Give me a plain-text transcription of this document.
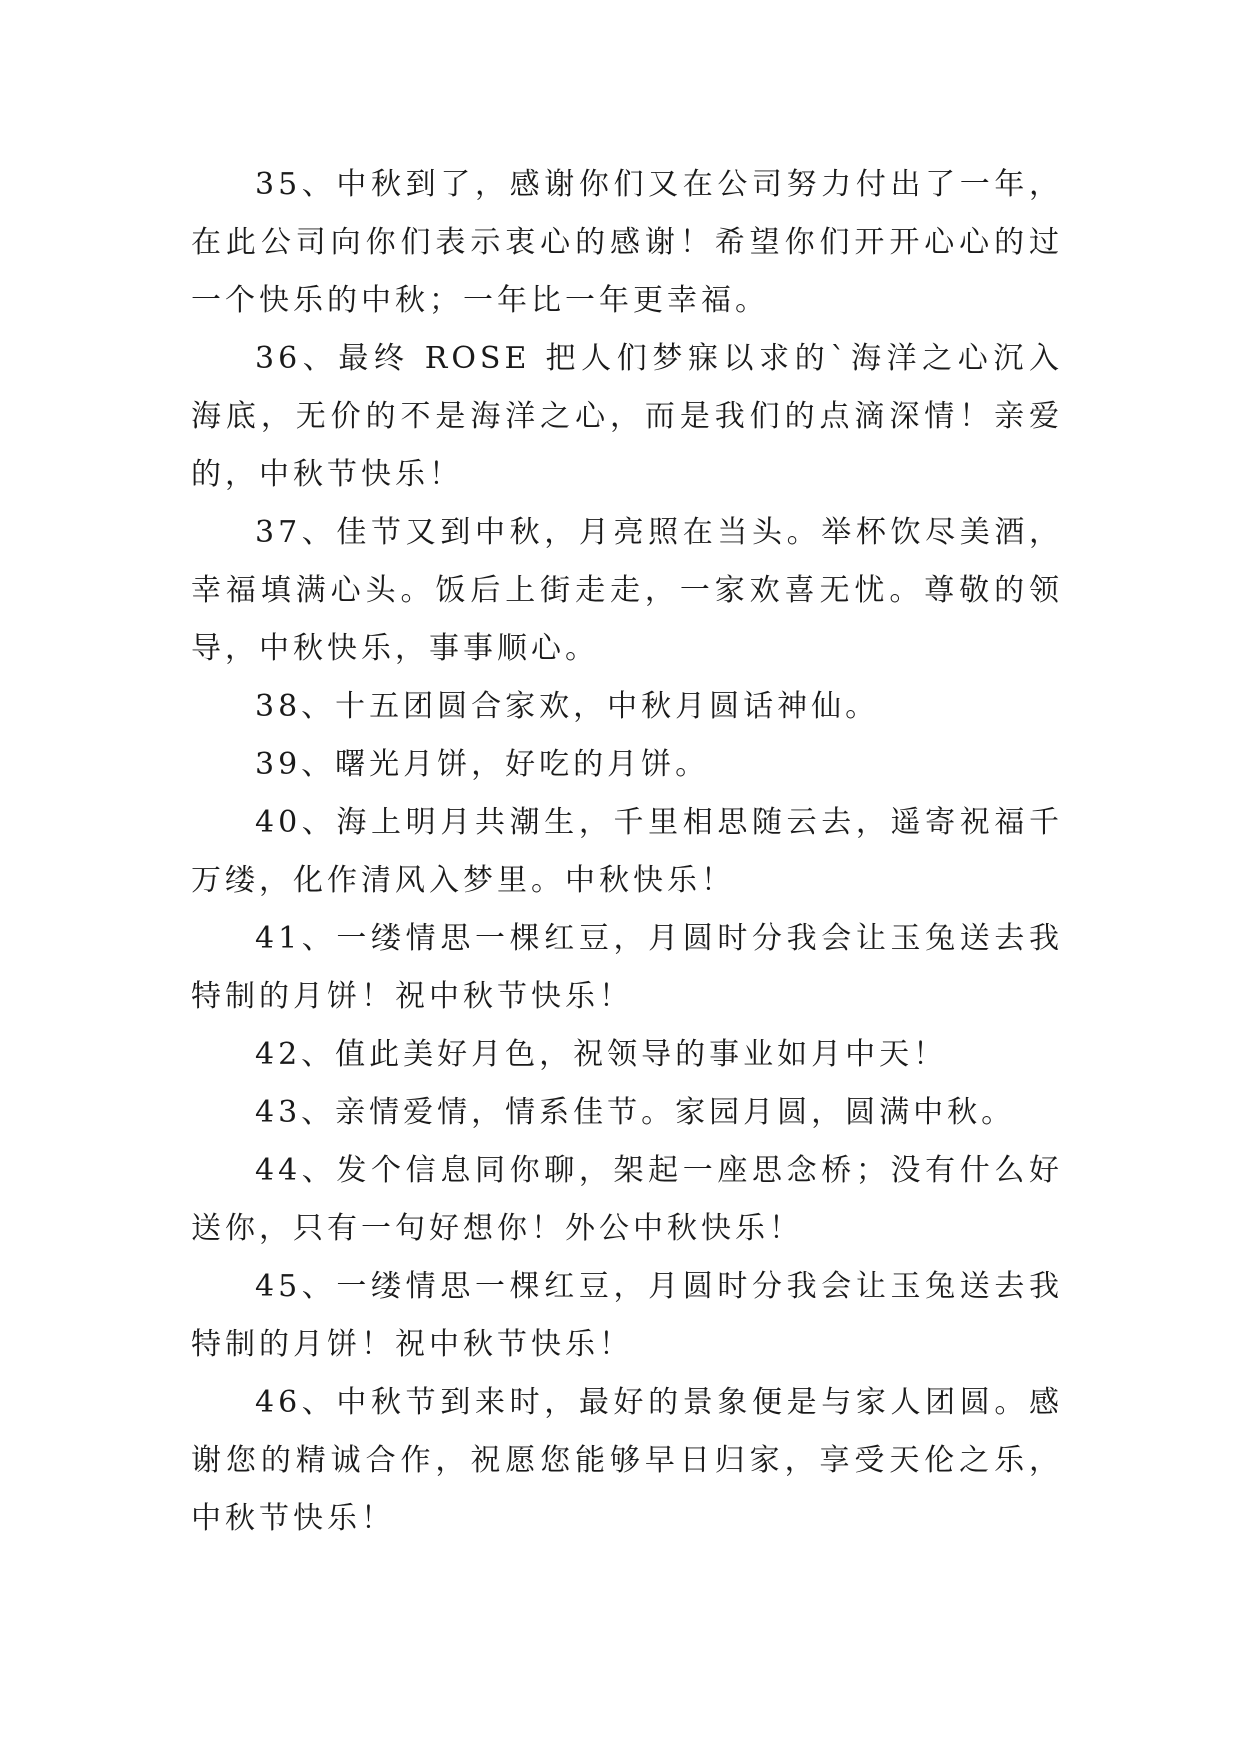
35、中秋到了，感谢你们又在公司努力付出了一年，在此公司向你们表示衷心的感谢！希望你们开开心心的过一个快乐的中秋；一年比一年更幸福。

36、最终 ROSE 把人们梦寐以求的`海洋之心沉入海底，无价的不是海洋之心，而是我们的点滴深情！亲爱的，中秋节快乐！

37、佳节又到中秋，月亮照在当头。举杯饮尽美酒，幸福填满心头。饭后上街走走，一家欢喜无忧。尊敬的领导，中秋快乐，事事顺心。

38、十五团圆合家欢，中秋月圆话神仙。

39、曙光月饼，好吃的月饼。

40、海上明月共潮生，千里相思随云去，遥寄祝福千万缕，化作清风入梦里。中秋快乐！

41、一缕情思一棵红豆，月圆时分我会让玉兔送去我特制的月饼！祝中秋节快乐！

42、值此美好月色，祝领导的事业如月中天！

43、亲情爱情，情系佳节。家园月圆，圆满中秋。

44、发个信息同你聊，架起一座思念桥；没有什么好送你，只有一句好想你！外公中秋快乐！

45、一缕情思一棵红豆，月圆时分我会让玉兔送去我特制的月饼！祝中秋节快乐！

46、中秋节到来时，最好的景象便是与家人团圆。感谢您的精诚合作，祝愿您能够早日归家，享受天伦之乐，中秋节快乐！
